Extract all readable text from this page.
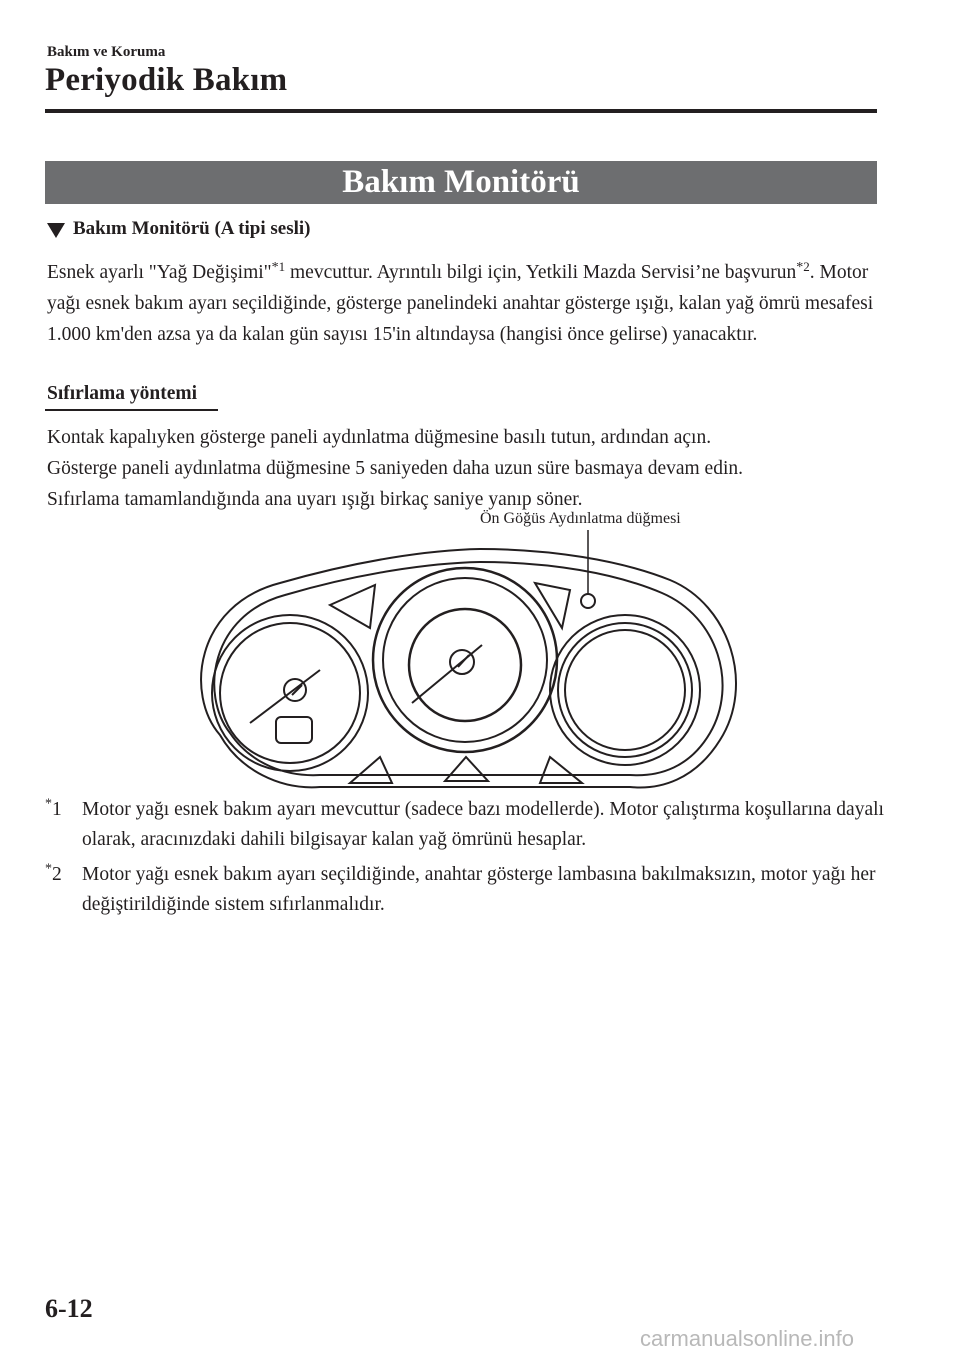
Bakım ve Koruma
Periyodik Bakım
Bakım Monitörü
Bakım Monitörü (A tipi sesli)

Esnek ayarlı "Yağ Değişimi"$^{*1}$ mevcuttur. Ayrıntılı bilgi için, Yetkili Mazda Servisi’ne başvurun$^{*2}$. Motor yağı esnek bakım ayarı seçildiğinde, gösterge panelindeki anahtar gösterge ışığı, kalan yağ ömrü mesafesi 1.000 km'den azsa ya da kalan gün sayısı 15'in altındaysa (hangisi önce gelirse) yanacaktır.

Sıfırlama yöntemi

Kontak kapalıyken gösterge paneli aydınlatma düğmesine basılı tutun, ardından açın.

Gösterge paneli aydınlatma düğmesine 5 saniyeden daha uzun süre basmaya devam edin.

Sıfırlama tamamlandığında ana uyarı ışığı birkaç saniye yanıp söner.

Ön Göğüs Aydınlatma düğmesi
*1	Motor yağı esnek bakım ayarı mevcuttur (sadece bazı modellerde). Motor çalıştırma koşullarına dayalı olarak, aracınızdaki dahili bilgisayar kalan yağ ömrünü hesaplar.
*2	Motor yağı esnek bakım ayarı seçildiğinde, anahtar gösterge lambasına bakılmaksızın, motor yağı her değiştirildiğinde sistem sıfırlanmalıdır.
6-12
carmanualsonline.info
